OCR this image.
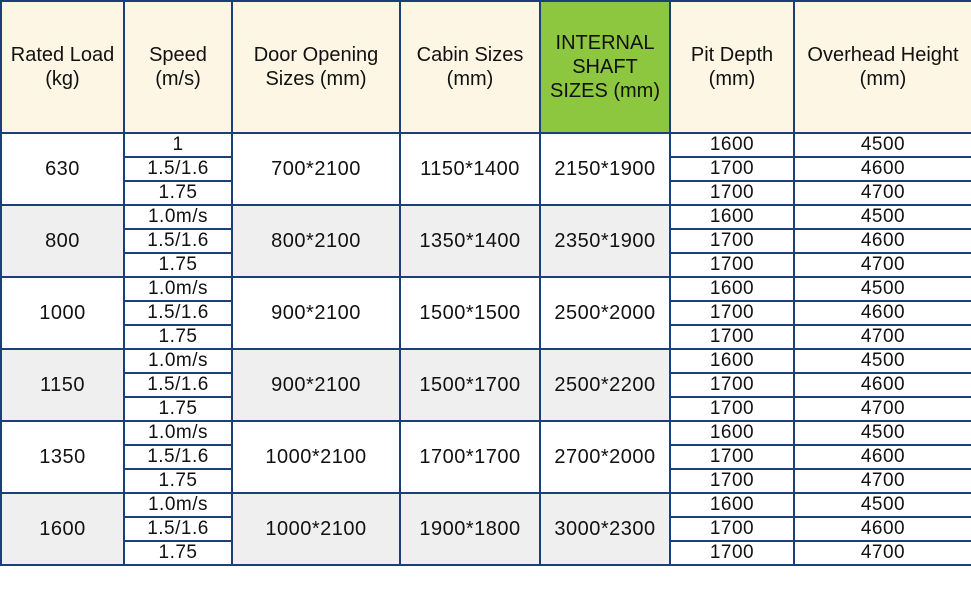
Rated Load (kg)	Speed (m/s)	Door Opening Sizes (mm)	Cabin Sizes (mm)	INTERNAL SHAFT SIZES (mm)	Pit Depth (mm)	Overhead Height (mm)
630	1	700*2100	1150*1400	2150*1900	1600	4500
	1.5/1.6				1700	4600
	1.75				1700	4700
800	1.0m/s	800*2100	1350*1400	2350*1900	1600	4500
	1.5/1.6				1700	4600
	1.75				1700	4700
1000	1.0m/s	900*2100	1500*1500	2500*2000	1600	4500
	1.5/1.6				1700	4600
	1.75				1700	4700
1150	1.0m/s	900*2100	1500*1700	2500*2200	1600	4500
	1.5/1.6				1700	4600
	1.75				1700	4700
1350	1.0m/s	1000*2100	1700*1700	2700*2000	1600	4500
	1.5/1.6				1700	4600
	1.75				1700	4700
1600	1.0m/s	1000*2100	1900*1800	3000*2300	1600	4500
	1.5/1.6				1700	4600
	1.75				1700	4700
